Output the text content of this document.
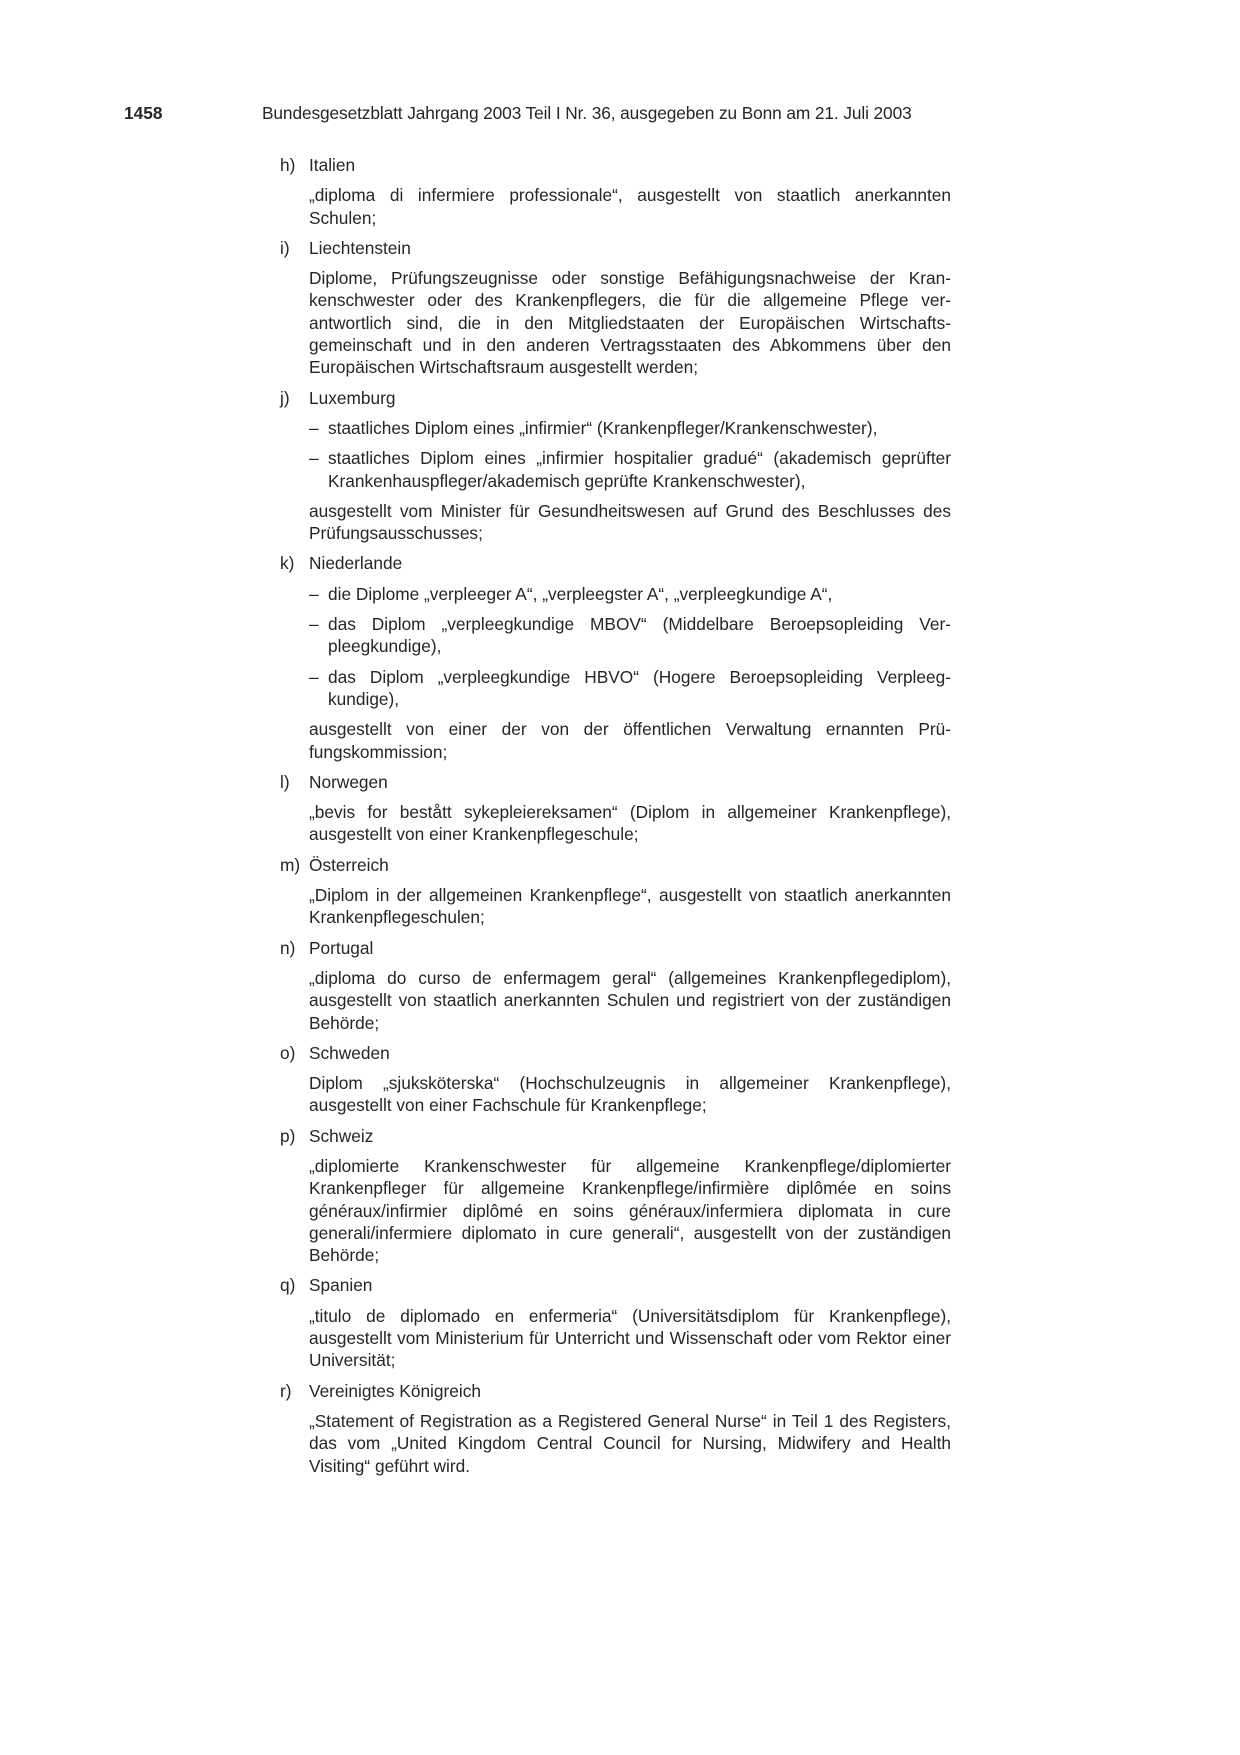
1458	Bundesgesetzblatt Jahrgang 2003 Teil I Nr. 36, ausgegeben zu Bonn am 21. Juli 2003
h) Italien
„diploma di infermiere professionale“, ausgestellt von staatlich anerkannten Schulen;
i) Liechtenstein
Diplome, Prüfungszeugnisse oder sonstige Befähigungsnachweise der Krankenschwester oder des Krankenpflegers, die für die allgemeine Pflege verantwortlich sind, die in den Mitgliedstaaten der Europäischen Wirtschaftsgemeinschaft und in den anderen Vertragsstaaten des Abkommens über den Europäischen Wirtschaftsraum ausgestellt werden;
j) Luxemburg
– staatliches Diplom eines „infirmier“ (Krankenpfleger/Krankenschwester),
– staatliches Diplom eines „infirmier hospitalier gradué“ (akademisch geprüfter Krankenhauspfleger/akademisch geprüfte Krankenschwester),
ausgestellt vom Minister für Gesundheitswesen auf Grund des Beschlusses des Prüfungsausschusses;
k) Niederlande
– die Diplome „verpleeger A“, „verpleegster A“, „verpleegkundige A“,
– das Diplom „verpleegkundige MBOV“ (Middelbare Beroepsopleiding Verpleegkundige),
– das Diplom „verpleegkundige HBVO“ (Hogere Beroepsopleiding Verpleegkundige),
ausgestellt von einer der von der öffentlichen Verwaltung ernannten Prüfungskommission;
l) Norwegen
„bevis for bestått sykepleiereksamen“ (Diplom in allgemeiner Krankenpflege), ausgestellt von einer Krankenpflegeschule;
m) Österreich
„Diplom in der allgemeinen Krankenpflege“, ausgestellt von staatlich anerkannten Krankenpflegeschulen;
n) Portugal
„diploma do curso de enfermagem geral“ (allgemeines Krankenpflegediplom), ausgestellt von staatlich anerkannten Schulen und registriert von der zuständigen Behörde;
o) Schweden
Diplom „sjuksköterska“ (Hochschulzeugnis in allgemeiner Krankenpflege), ausgestellt von einer Fachschule für Krankenpflege;
p) Schweiz
„diplomierte Krankenschwester für allgemeine Krankenpflege/diplomierter Krankenpfleger für allgemeine Krankenpflege/infirmière diplômée en soins généraux/infirmier diplômé en soins généraux/infermiera diplomata in cure generali/infermiere diplomato in cure generali“, ausgestellt von der zuständigen Behörde;
q) Spanien
„titulo de diplomado en enfermeria“ (Universitätsdiplom für Krankenpflege), ausgestellt vom Ministerium für Unterricht und Wissenschaft oder vom Rektor einer Universität;
r) Vereinigtes Königreich
„Statement of Registration as a Registered General Nurse“ in Teil 1 des Registers, das vom „United Kingdom Central Council for Nursing, Midwifery and Health Visiting“ geführt wird.
